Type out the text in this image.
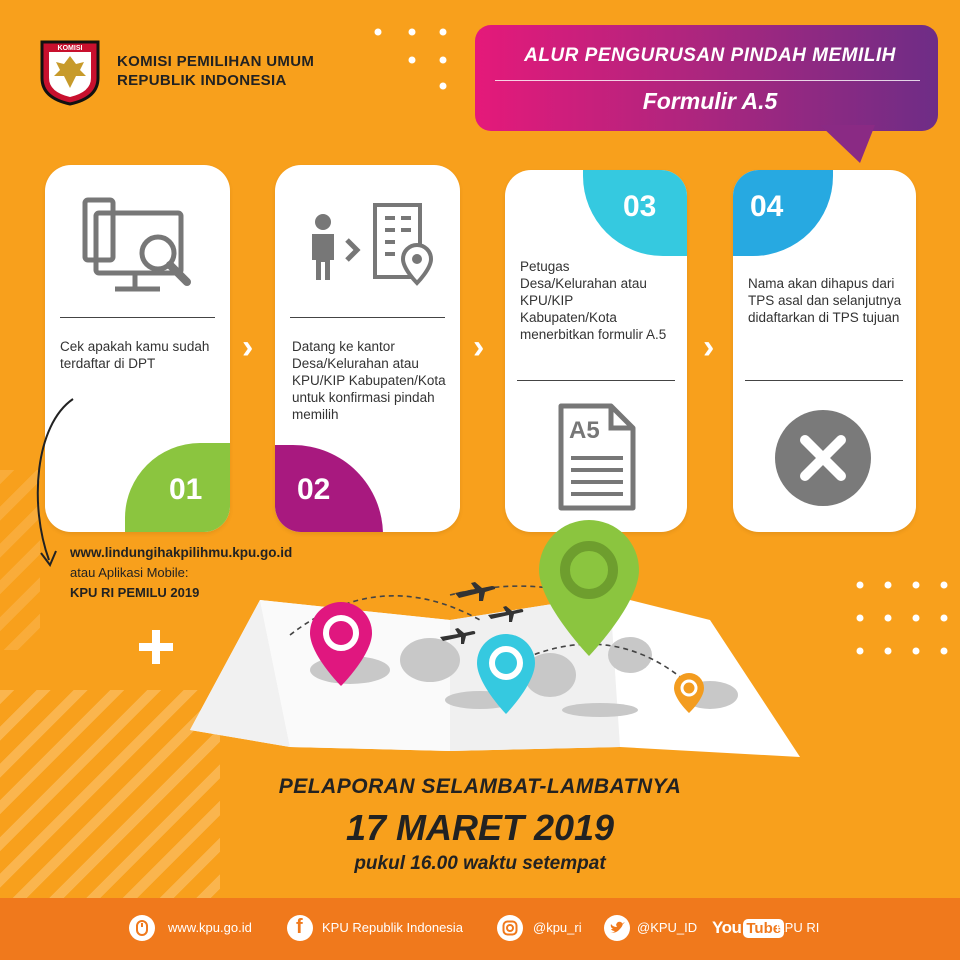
KOMISI
KOMISI PEMILIHAN UMUM
REPUBLIK INDONESIA
ALUR PENGURUSAN PINDAH MEMILIH
Formulir A.5
Cek apakah kamu sudah terdaftar di DPT
01
Datang ke kantor Desa/Kelurahan atau KPU/KIP Kabupaten/Kota untuk konfirmasi pindah memilih
02
03
Petugas Desa/Kelurahan atau KPU/KIP Kabupaten/Kota menerbitkan formulir A.5
A5
04
Nama akan dihapus dari TPS asal dan selanjutnya didaftarkan di TPS tujuan
›	›	›
www.lindungihakpilihmu.kpu.go.id
atau Aplikasi Mobile:
KPU RI PEMILU 2019
PELAPORAN SELAMBAT-LAMBATNYA
17 MARET 2019
pukul 16.00 waktu setempat
www.kpu.go.id f KPU Republik Indonesia	@kpu_ri	@KPU_ID You Tube
KPU RI
